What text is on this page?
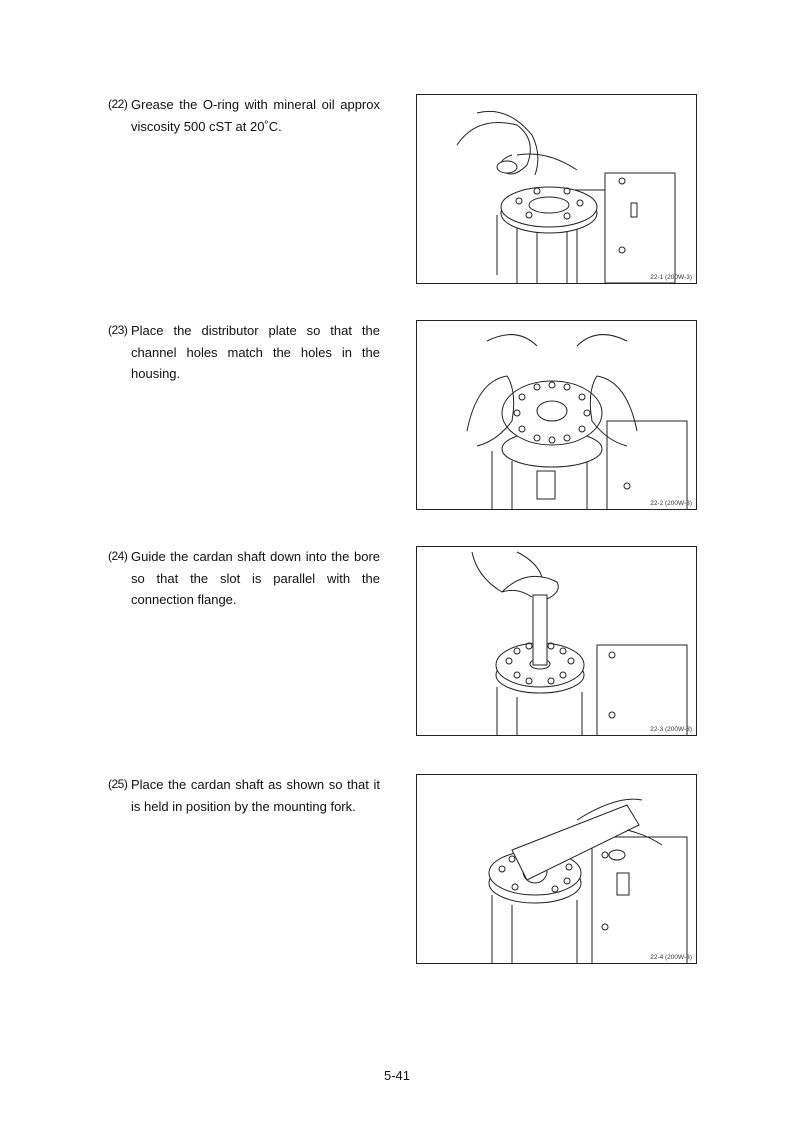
(22) Grease the O-ring with mineral oil approx viscosity 500 cST at 20˚C.
22-1 (200W-3)
(23) Place the distributor plate so that the channel holes match the holes in the housing.
22-2 (200W-3)
(24) Guide the cardan shaft down into the bore so that the slot is parallel with the connection flange.
22-3 (200W-3)
(25) Place the cardan shaft as shown so that it is held in position by the mounting fork.
22-4 (200W-3)
5-41
